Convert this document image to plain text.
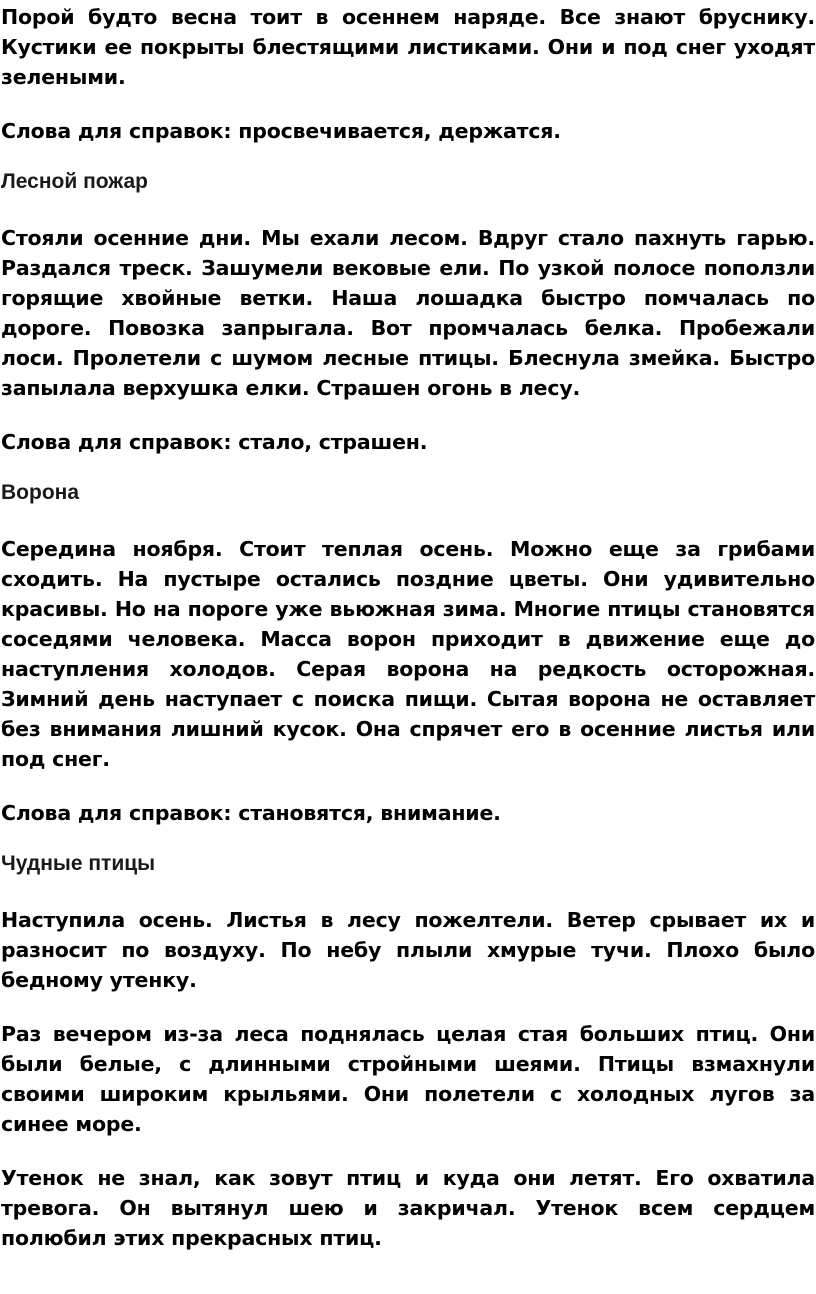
Порой будто весна тоит в осеннем наряде. Все знают бруснику. Кустики ее покрыты блестящими листиками. Они и под снег уходят зелеными.

Слова для справок: просвечивается, держатся.

Лесной пожар

Стояли осенние дни. Мы ехали лесом. Вдруг стало пахнуть гарью. Раздался треск. Зашумели вековые ели. По узкой полосе поползли горящие хвойные ветки. Наша лошадка быстро помчалась по дороге. Повозка запрыгала. Вот промчалась белка. Пробежали лоси. Пролетели с шумом лесные птицы. Блеснула змейка. Быстро запылала верхушка елки. Страшен огонь в лесу.

Слова для справок: стало, страшен.

Ворона

Середина ноября. Стоит теплая осень. Можно еще за грибами сходить. На пустыре остались поздние цветы. Они удивительно красивы. Но на пороге уже вьюжная зима. Многие птицы становятся соседями человека. Масса ворон приходит в движение еще до наступления холодов. Серая ворона на редкость осторожная. Зимний день наступает с поиска пищи. Сытая ворона не оставляет без внимания лишний кусок. Она спрячет его в осенние листья или под снег.

Слова для справок: становятся, внимание.

Чудные птицы

Наступила осень. Листья в лесу пожелтели. Ветер срывает их и разносит по воздуху. По небу плыли хмурые тучи. Плохо было бедному утенку.

Раз вечером из-за леса поднялась целая стая больших птиц. Они были белые, с длинными стройными шеями. Птицы взмахнули своими широким крыльями. Они полетели с холодных лугов за синее море.

Утенок не знал, как зовут птиц и куда они летят. Его охватила тревога. Он вытянул шею и закричал. Утенок всем сердцем полюбил этих прекрасных птиц.
